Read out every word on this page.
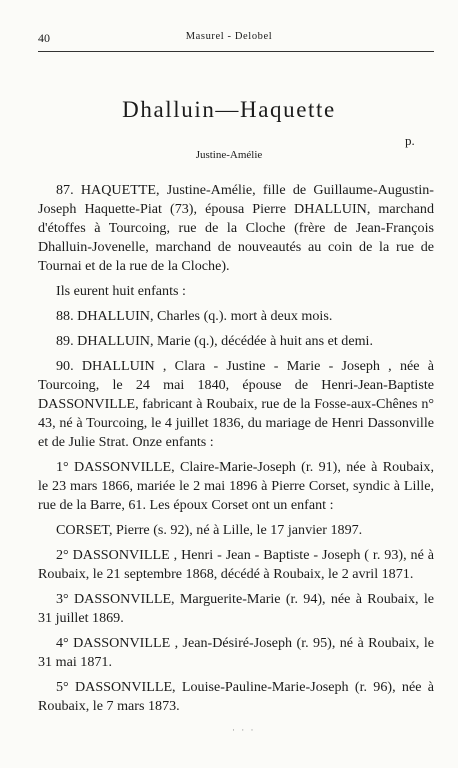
40	Masurel - Delobel
Dhalluin—Haquette
p.
Justine-Amélie

87. HAQUETTE, Justine-Amélie, fille de Guillaume-Augustin-Joseph Haquette-Piat (73), épousa Pierre DHALLUIN, marchand d'étoffes à Tourcoing, rue de la Cloche (frère de Jean-François Dhalluin-Jovenelle, marchand de nouveautés au coin de la rue de Tournai et de la rue de la Cloche).

Ils eurent huit enfants :

88. DHALLUIN, Charles (q.). mort à deux mois.

89. DHALLUIN, Marie (q.), décédée à huit ans et demi.

90. DHALLUIN , Clara - Justine - Marie - Joseph , née à Tourcoing, le 24 mai 1840, épouse de Henri-Jean-Baptiste DASSONVILLE, fabricant à Roubaix, rue de la Fosse-aux-Chênes n° 43, né à Tourcoing, le 4 juillet 1836, du mariage de Henri Dassonville et de Julie Strat. Onze enfants :

1° DASSONVILLE, Claire-Marie-Joseph (r. 91), née à Roubaix, le 23 mars 1866, mariée le 2 mai 1896 à Pierre Corset, syndic à Lille, rue de la Barre, 61. Les époux Corset ont un enfant :

CORSET, Pierre (s. 92), né à Lille, le 17 janvier 1897.

2° DASSONVILLE , Henri - Jean - Baptiste - Joseph ( r. 93), né à Roubaix, le 21 septembre 1868, décédé à Roubaix, le 2 avril 1871.

3° DASSONVILLE, Marguerite-Marie (r. 94), née à Roubaix, le 31 juillet 1869.

4° DASSONVILLE , Jean-Désiré-Joseph (r. 95), né à Roubaix, le 31 mai 1871.

5° DASSONVILLE, Louise-Pauline-Marie-Joseph (r. 96), née à Roubaix, le 7 mars 1873.

· · ·
